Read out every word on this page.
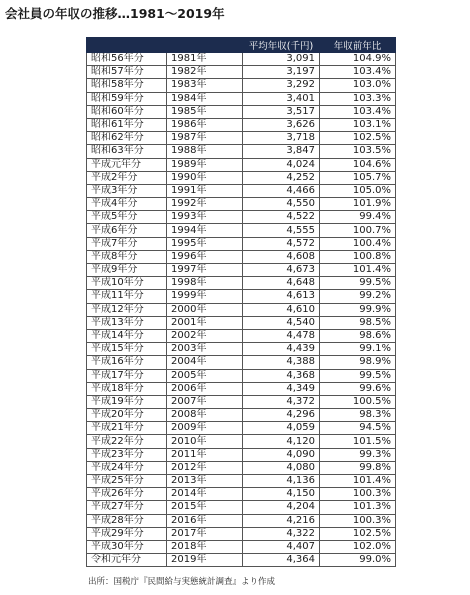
会社員の年収の推移…1981～2019年
		平均年収(千円)	年収前年比
昭和56年分	1981年	3,091	104.9%
昭和57年分	1982年	3,197	103.4%
昭和58年分	1983年	3,292	103.0%
昭和59年分	1984年	3,401	103.3%
昭和60年分	1985年	3,517	103.4%
昭和61年分	1986年	3,626	103.1%
昭和62年分	1987年	3,718	102.5%
昭和63年分	1988年	3,847	103.5%
平成元年分	1989年	4,024	104.6%
平成2年分	1990年	4,252	105.7%
平成3年分	1991年	4,466	105.0%
平成4年分	1992年	4,550	101.9%
平成5年分	1993年	4,522	99.4%
平成6年分	1994年	4,555	100.7%
平成7年分	1995年	4,572	100.4%
平成8年分	1996年	4,608	100.8%
平成9年分	1997年	4,673	101.4%
平成10年分	1998年	4,648	99.5%
平成11年分	1999年	4,613	99.2%
平成12年分	2000年	4,610	99.9%
平成13年分	2001年	4,540	98.5%
平成14年分	2002年	4,478	98.6%
平成15年分	2003年	4,439	99.1%
平成16年分	2004年	4,388	98.9%
平成17年分	2005年	4,368	99.5%
平成18年分	2006年	4,349	99.6%
平成19年分	2007年	4,372	100.5%
平成20年分	2008年	4,296	98.3%
平成21年分	2009年	4,059	94.5%
平成22年分	2010年	4,120	101.5%
平成23年分	2011年	4,090	99.3%
平成24年分	2012年	4,080	99.8%
平成25年分	2013年	4,136	101.4%
平成26年分	2014年	4,150	100.3%
平成27年分	2015年	4,204	101.3%
平成28年分	2016年	4,216	100.3%
平成29年分	2017年	4,322	102.5%
平成30年分	2018年	4,407	102.0%
令和元年分	2019年	4,364	99.0%
出所：国税庁『民間給与実態統計調査』より作成
